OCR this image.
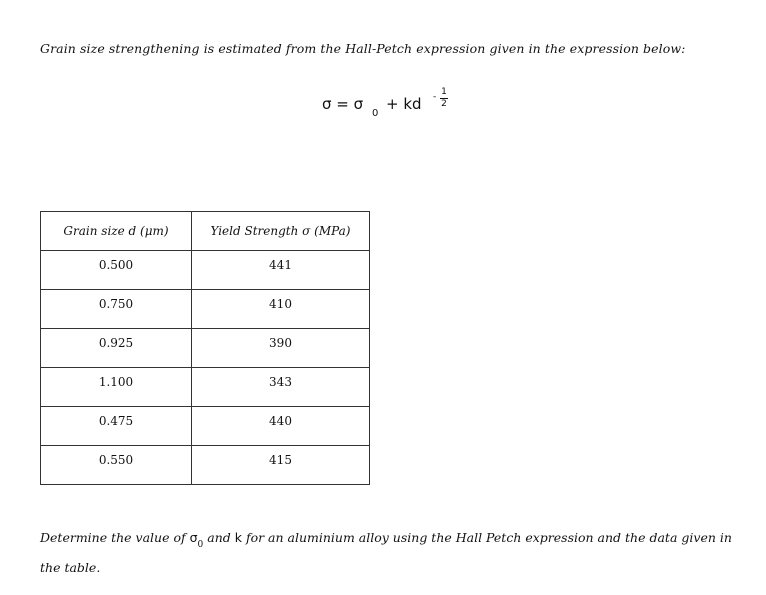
Grain size strengthening is estimated from the Hall-Petch expression given in the expression below:
σ = σ
0
+ kd - 1
2
Grain size d (μm)	Yield Strength σ (MPa)
0.500	441
0.750	410
0.925	390
1.100	343
0.475	440
0.550	415
Determine the value of $\sigma_0$ and k for an aluminium alloy using the Hall Petch expression and the data given in the table.
